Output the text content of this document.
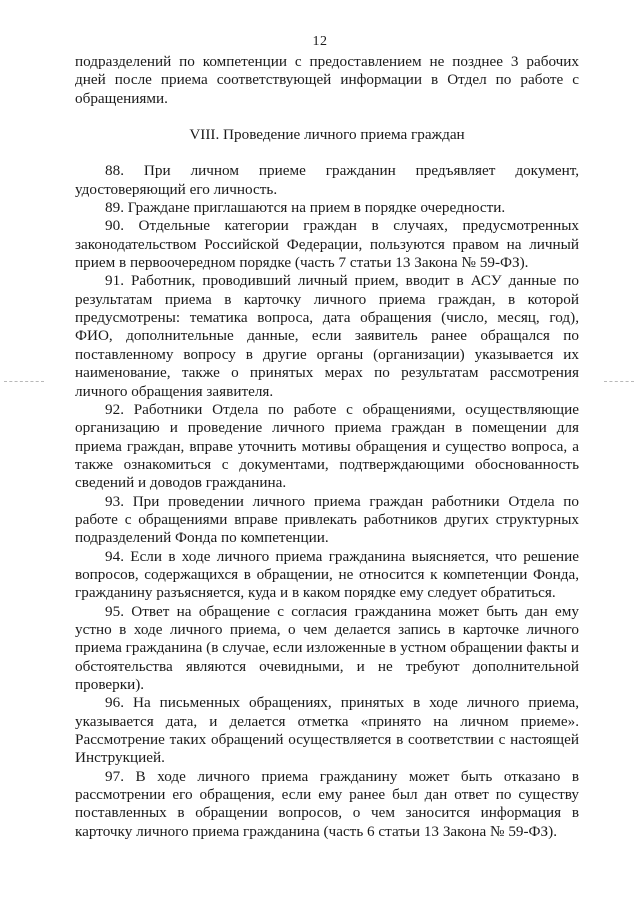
12

подразделений по компетенции с предоставлением не позднее 3 рабочих дней после приема соответствующей информации в Отдел по работе с обращениями.

VIII. Проведение личного приема граждан

88. При личном приеме гражданин предъявляет документ, удостоверяющий его личность.

89. Граждане приглашаются на прием в порядке очередности.

90. Отдельные категории граждан в случаях, предусмотренных законодательством Российской Федерации, пользуются правом на личный прием в первоочередном порядке (часть 7 статьи 13 Закона № 59-ФЗ).

91. Работник, проводивший личный прием, вводит в АСУ данные по результатам приема в карточку личного приема граждан, в которой предусмотрены: тематика вопроса, дата обращения (число, месяц, год), ФИО, дополнительные данные, если заявитель ранее обращался по поставленному вопросу в другие органы (организации) указывается их наименование, также о принятых мерах по результатам рассмотрения личного обращения заявителя.

92. Работники Отдела по работе с обращениями, осуществляющие организацию и проведение личного приема граждан в помещении для приема граждан, вправе уточнить мотивы обращения и существо вопроса, а также ознакомиться с документами, подтверждающими обоснованность сведений и доводов гражданина.

93. При проведении личного приема граждан работники Отдела по работе с обращениями вправе привлекать работников других структурных подразделений Фонда по компетенции.

94. Если в ходе личного приема гражданина выясняется, что решение вопросов, содержащихся в обращении, не относится к компетенции Фонда, гражданину разъясняется, куда и в каком порядке ему следует обратиться.

95. Ответ на обращение с согласия гражданина может быть дан ему устно в ходе личного приема, о чем делается запись в карточке личного приема гражданина (в случае, если изложенные в устном обращении факты и обстоятельства являются очевидными, и не требуют дополнительной проверки).

96. На письменных обращениях, принятых в ходе личного приема, указывается дата, и делается отметка «принято на личном приеме». Рассмотрение таких обращений осуществляется в соответствии с настоящей Инструкцией.

97. В ходе личного приема гражданину может быть отказано в рассмотрении его обращения, если ему ранее был дан ответ по существу поставленных в обращении вопросов, о чем заносится информация в карточку личного приема гражданина (часть 6 статьи 13 Закона № 59-ФЗ).
